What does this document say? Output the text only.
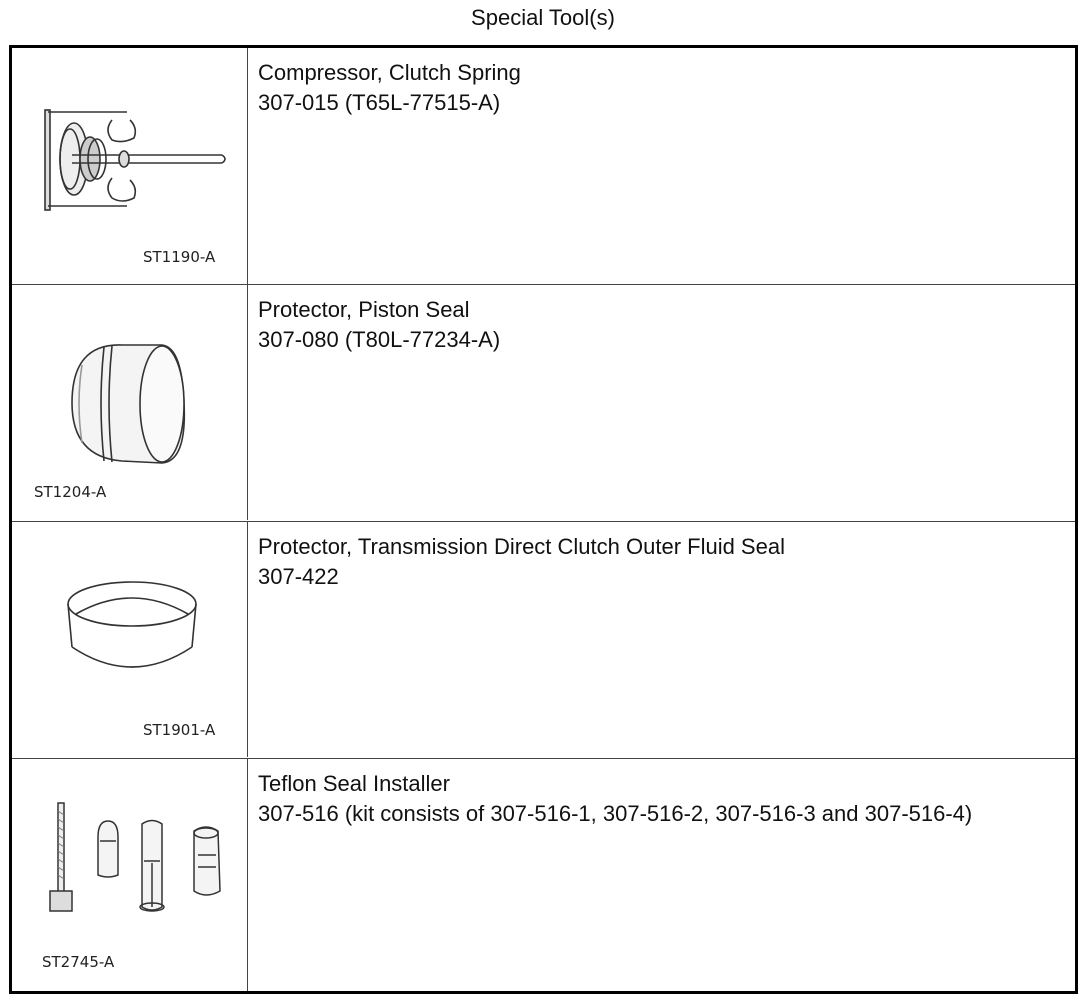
Special Tool(s)
ST1190-A
Compressor, Clutch Spring
307-015 (T65L-77515-A)
ST1204-A
Protector, Piston Seal
307-080 (T80L-77234-A)
ST1901-A
Protector, Transmission Direct Clutch Outer Fluid Seal
307-422
ST2745-A
Teflon Seal Installer
307-516 (kit consists of 307-516-1, 307-516-2, 307-516-3 and 307-516-4)
